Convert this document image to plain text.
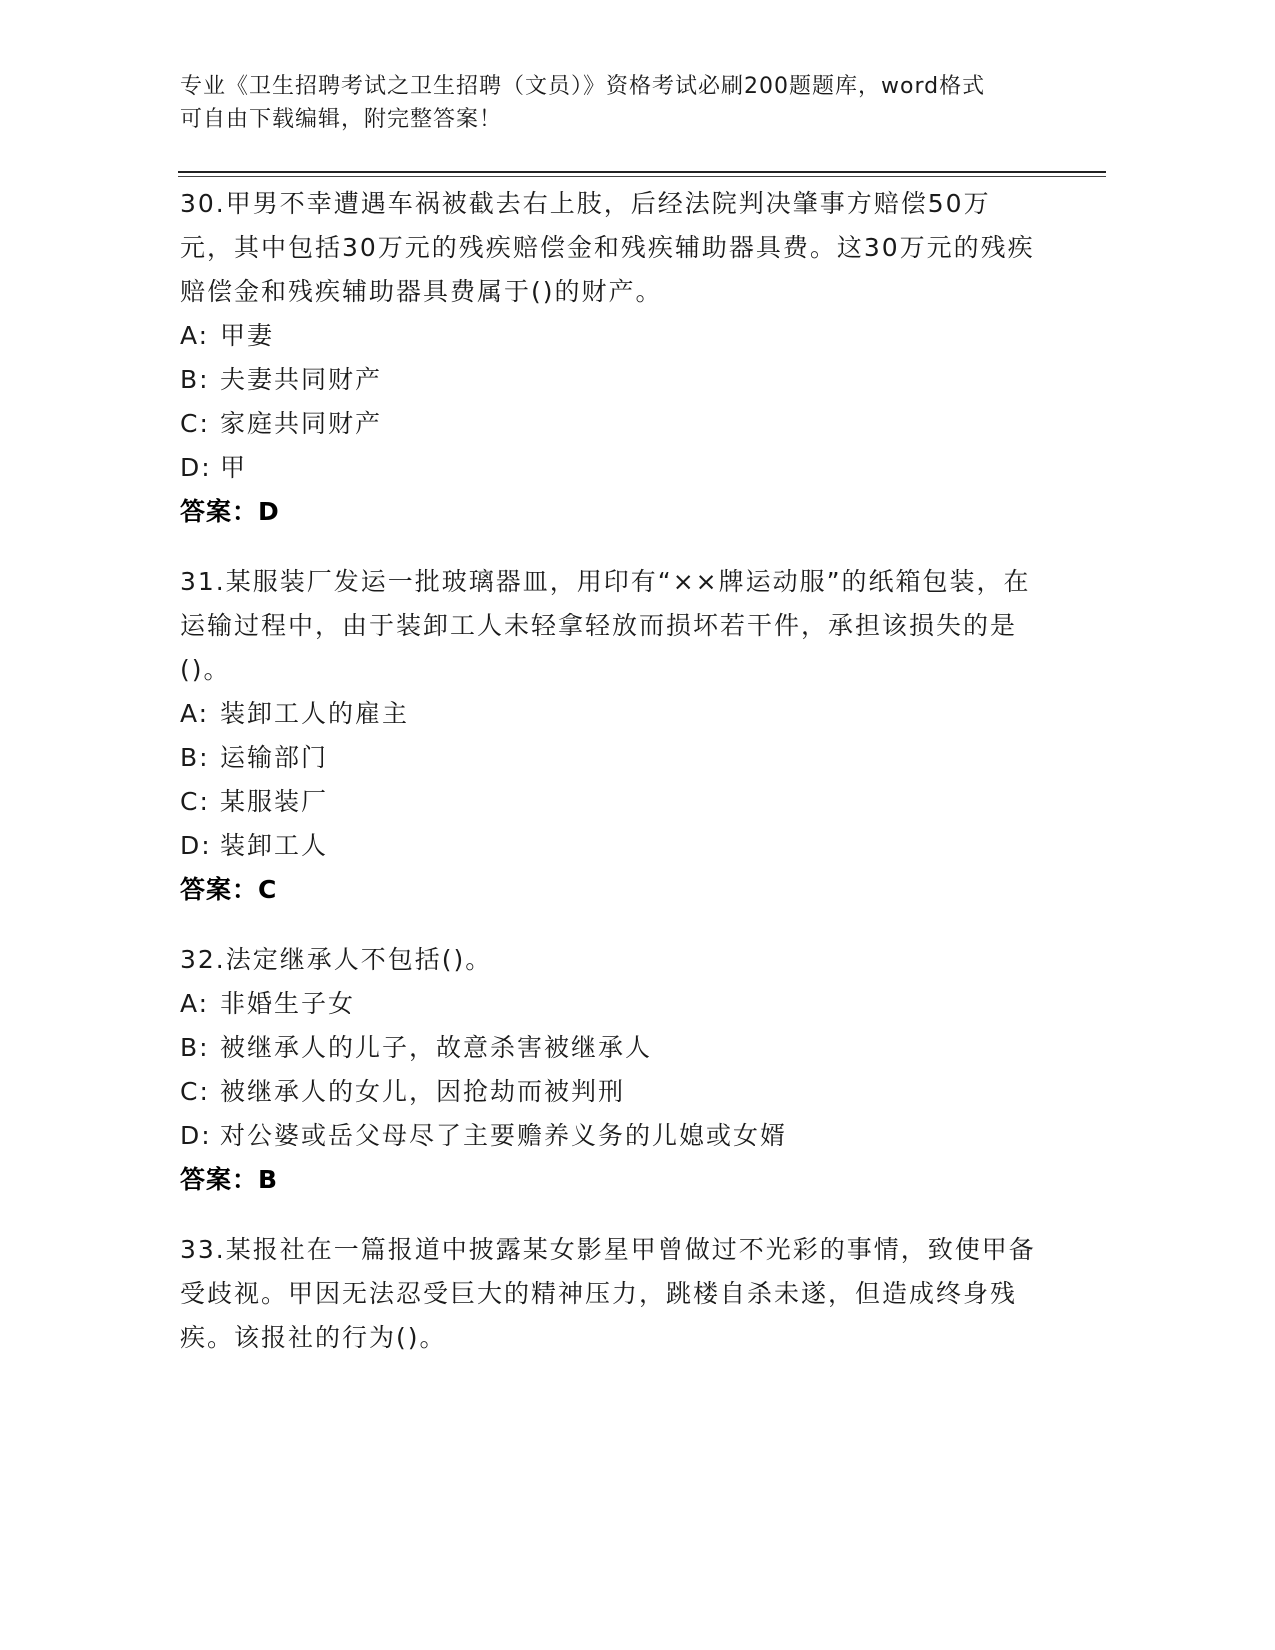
专业《卫生招聘考试之卫生招聘（文员）》资格考试必刷200题题库，word格式
可自由下载编辑，附完整答案！

30.甲男不幸遭遇车祸被截去右上肢，后经法院判决肇事方赔偿50万元，其中包括30万元的残疾赔偿金和残疾辅助器具费。这30万元的残疾赔偿金和残疾辅助器具费属于()的财产。

A: 甲妻

B: 夫妻共同财产

C: 家庭共同财产

D: 甲

答案：D

31.某服装厂发运一批玻璃器皿，用印有“××牌运动服”的纸箱包装，在运输过程中，由于装卸工人未轻拿轻放而损坏若干件，承担该损失的是()。

A: 装卸工人的雇主

B: 运输部门

C: 某服装厂

D: 装卸工人

答案：C

32.法定继承人不包括()。

A: 非婚生子女

B: 被继承人的儿子，故意杀害被继承人

C: 被继承人的女儿，因抢劫而被判刑

D: 对公婆或岳父母尽了主要赡养义务的儿媳或女婿

答案：B

33.某报社在一篇报道中披露某女影星甲曾做过不光彩的事情，致使甲备受歧视。甲因无法忍受巨大的精神压力，跳楼自杀未遂，但造成终身残疾。该报社的行为()。
